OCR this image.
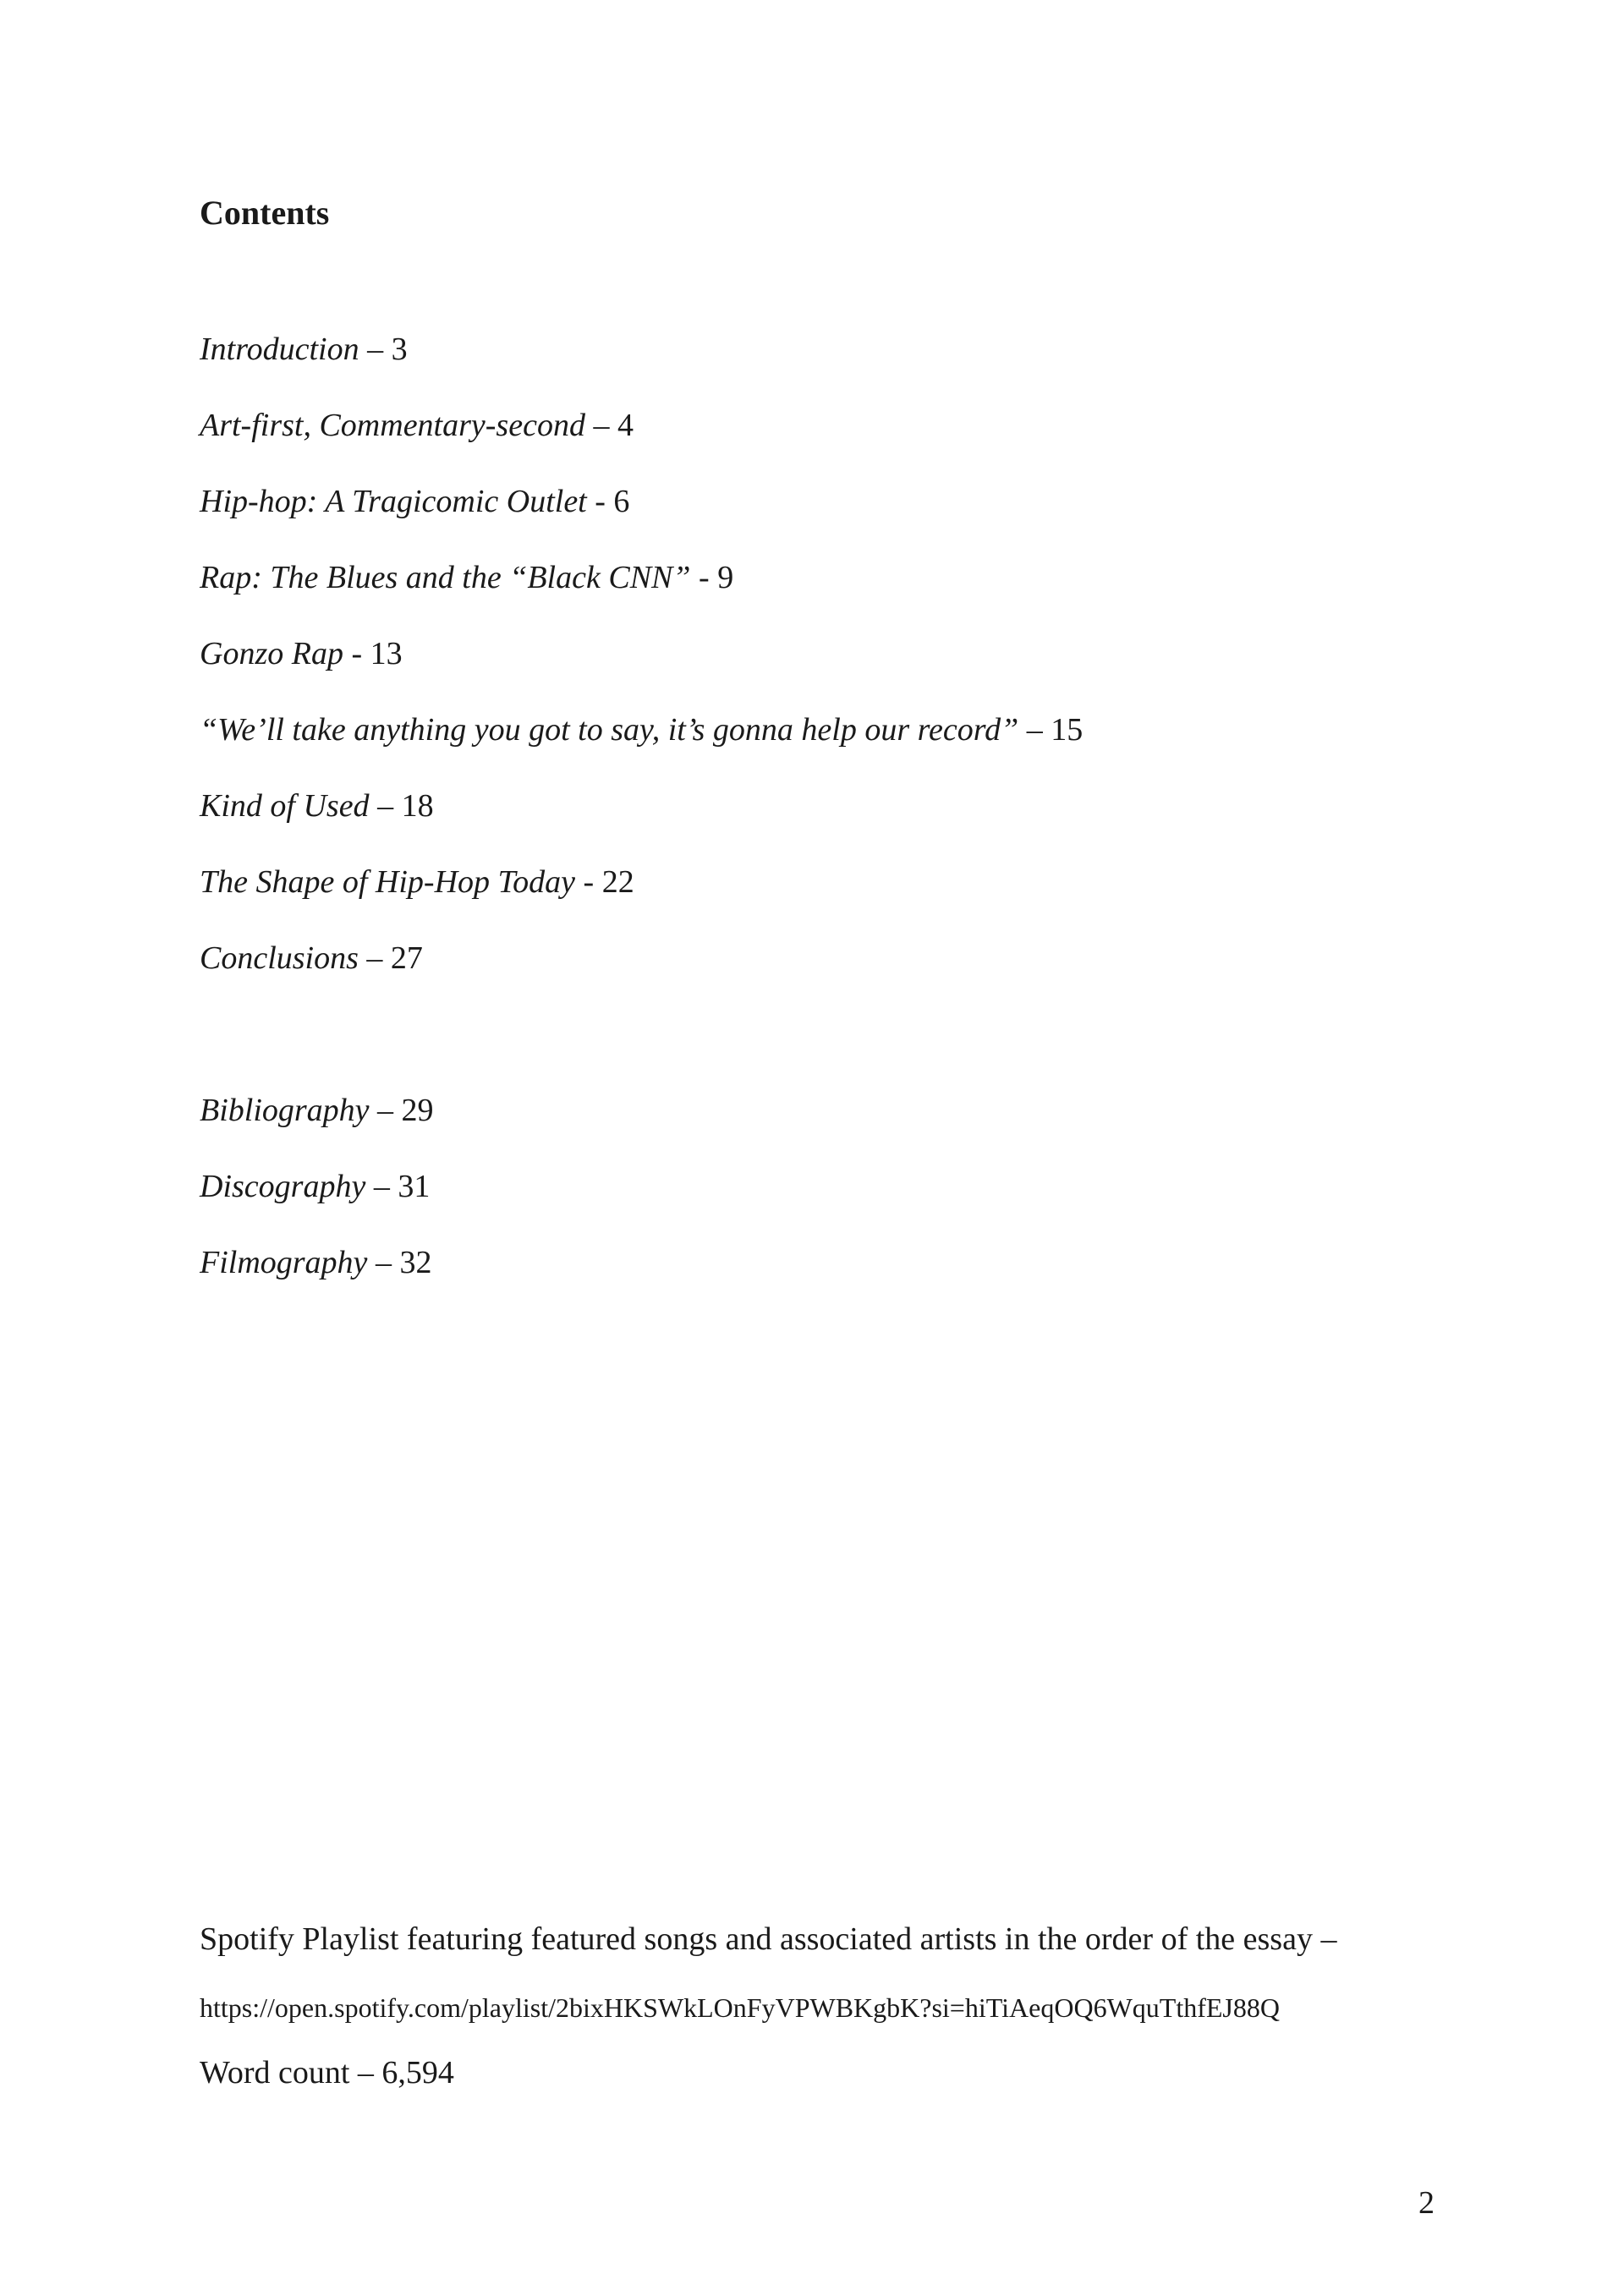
Contents
Introduction – 3
Art-first, Commentary-second – 4
Hip-hop: A Tragicomic Outlet - 6
Rap: The Blues and the “Black CNN” - 9
Gonzo Rap - 13
“We’ll take anything you got to say, it’s gonna help our record” – 15
Kind of Used – 18
The Shape of Hip-Hop Today - 22
Conclusions – 27
Bibliography – 29
Discography – 31
Filmography – 32

Spotify Playlist featuring featured songs and associated artists in the order of the essay –

https://open.spotify.com/playlist/2bixHKSWkLOnFyVPWBKgbK?si=hiTiAeqOQ6WquTthfEJ88Q

Word count – 6,594

2
